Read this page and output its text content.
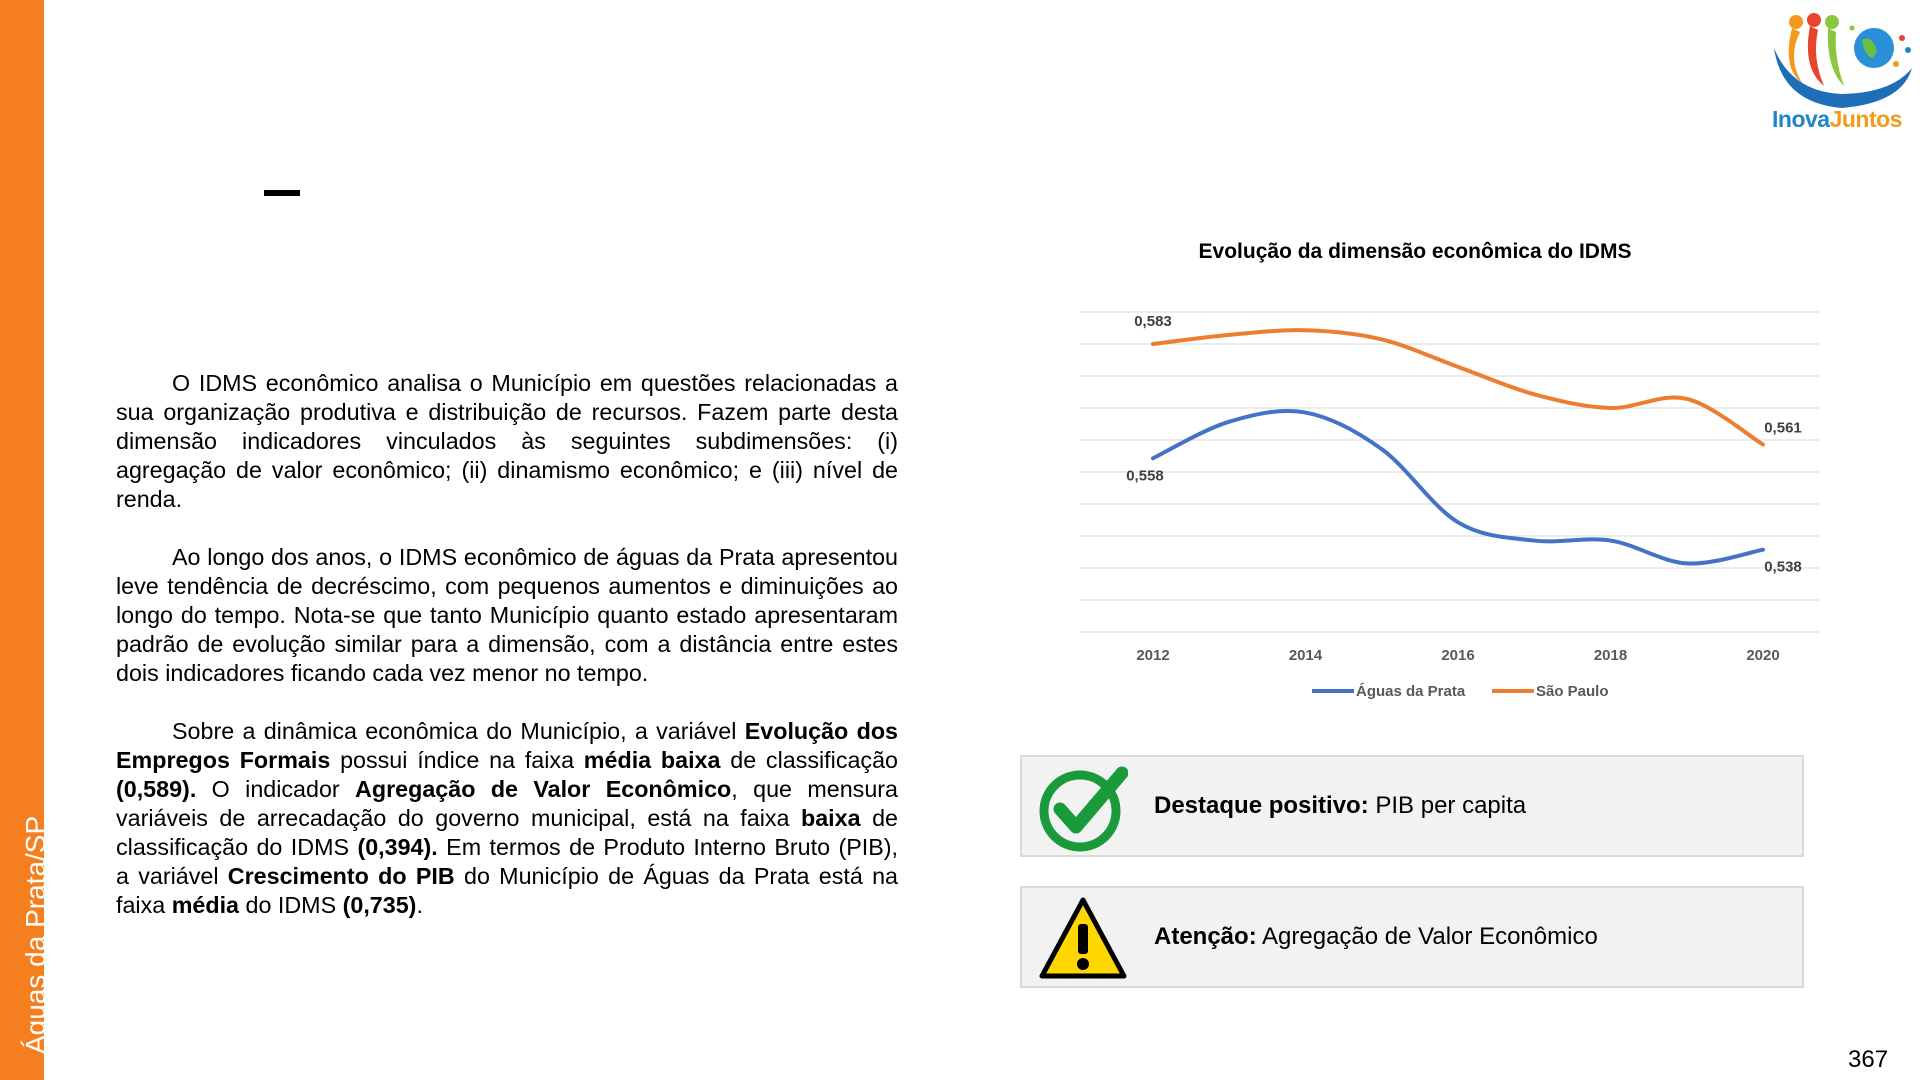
Águas da Prata/SP
InovaJuntos

O IDMS econômico analisa o Município em questões relacionadas a sua organização produtiva e distribuição de recursos. Fazem parte desta dimensão indicadores vinculados às seguintes subdimensões: (i) agregação de valor econômico; (ii) dinamismo econômico; e (iii) nível de renda.

Ao longo dos anos, o IDMS econômico de águas da Prata apresentou leve tendência de decréscimo, com pequenos aumentos e diminuições ao longo do tempo. Nota-se que tanto Município quanto estado apresentaram padrão de evolução similar para a dimensão, com a distância entre estes dois indicadores ficando cada vez menor no tempo.

Sobre a dinâmica econômica do Município, a variável Evolução dos Empregos Formais possui índice na faixa média baixa de classificação (0,589). O indicador Agregação de Valor Econômico, que mensura variáveis de arrecadação do governo municipal, está na faixa baixa de classificação do IDMS (0,394). Em termos de Produto Interno Bruto (PIB), a variável Crescimento do PIB do Município de Águas da Prata está na faixa média do IDMS (0,735).

Evolução da dimensão econômica do IDMS
2012	2014	2016	2018	2020
0,558
0,538
0,583
0,561
Águas da Prata	São Paulo
Destaque positivo: PIB per capita
Atenção: Agregação de Valor Econômico
367
